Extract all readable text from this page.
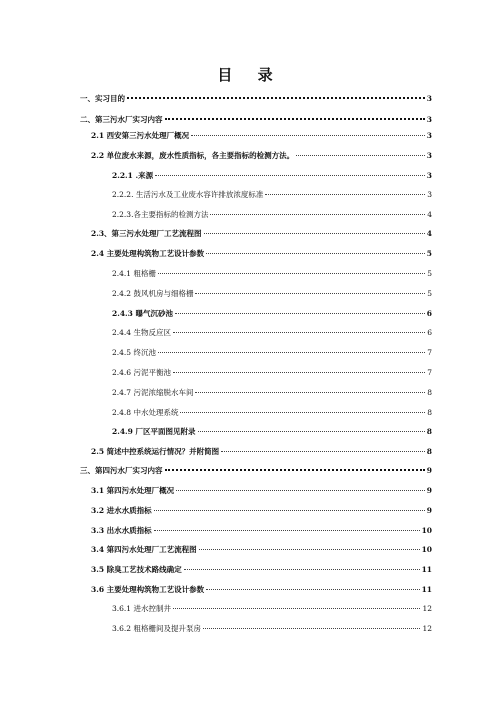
目 录
一、实习目的	3
二、第三污水厂实习内容	3
2.1 西安第三污水处理厂概况	3
2.2 单位废水来源，废水性质指标，各主要指标的检测方法。	3
2.2.1 .来源	3
2.2.2. 生活污水及工业废水容许排放浓度标准	3
2.2.3.各主要指标的检测方法	4
2.3、第三污水处理厂工艺流程图	4
2.4 主要处理构筑物工艺设计参数	5
2.4.1 粗格栅	5
2.4.2 鼓风机房与细格栅	5
2.4.3 曝气沉砂池	6
2.4.4 生物反应区	6
2.4.5 终沉池	7
2.4.6 污泥平衡池	7
2.4.7 污泥浓缩脱水车间	8
2.4.8 中水处理系统	8
2.4.9 厂区平面图见附录	8
2.5 简述中控系统运行情况？并附简图	8
三、第四污水厂实习内容	9
3.1 第四污水处理厂概况	9
3.2 进水水质指标	9
3.3 出水水质指标	10
3.4 第四污水处理厂工艺流程图	10
3.5 除臭工艺技术路线确定	11
3.6 主要处理构筑物工艺设计参数	11
3.6.1 进水控制井	12
3.6.2 粗格栅间及提升泵房	12
